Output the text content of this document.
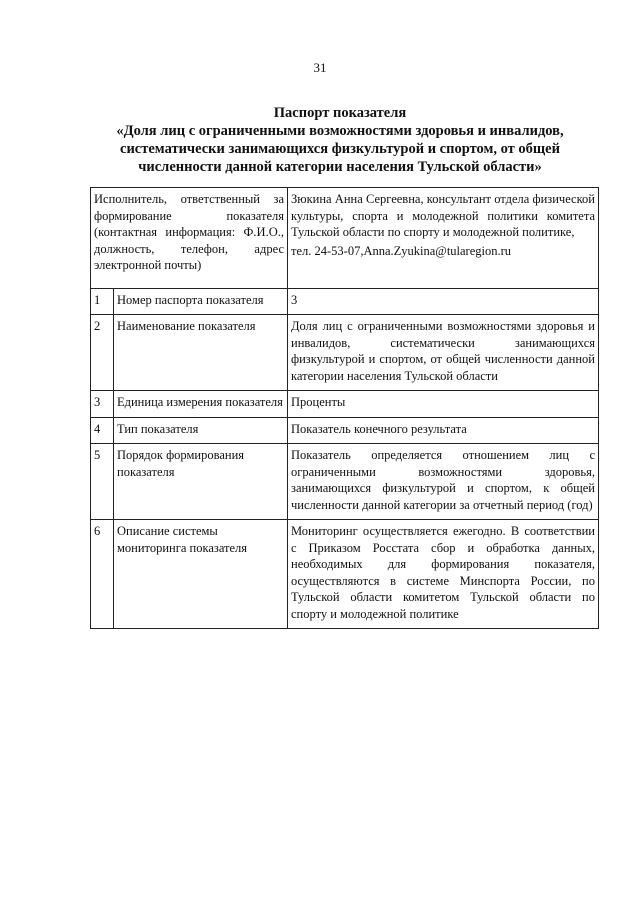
31
Паспорт показателя
«Доля лиц с ограниченными возможностями здоровья и инвалидов,
систематически занимающихся физкультурой и спортом, от общей
численности данной категории населения Тульской области»
Исполнитель, ответственный за формирование показателя (контактная информация: Ф.И.О., должность, телефон, адрес электронной почты)		Зюкина Анна Сергеевна, консультант отдела физической культуры, спорта и молодежной политики комитета Тульской области по спорту и молодежной политике,
тел. 24-53-07,Anna.Zyukina@tularegion.ru

1	Номер паспорта показателя	3
2	Наименование показателя	Доля лиц с ограниченными возможностями здоровья и инвалидов, систематически занимающихся физкультурой и спортом, от общей численности данной категории населения Тульской области
3	Единица измерения показателя	Проценты
4	Тип показателя	Показатель конечного результата
5	Порядок формирования показателя	Показатель определяется отношением лиц с ограниченными возможностями здоровья, занимающихся физкультурой и спортом, к общей численности данной категории за отчетный период (год)
6	Описание системы мониторинга показателя	Мониторинг осуществляется ежегодно. В соответствии с Приказом Росстата сбор и обработка данных, необходимых для формирования показателя, осуществляются в системе Минспорта России, по Тульской области комитетом Тульской области по спорту и молодежной политике
